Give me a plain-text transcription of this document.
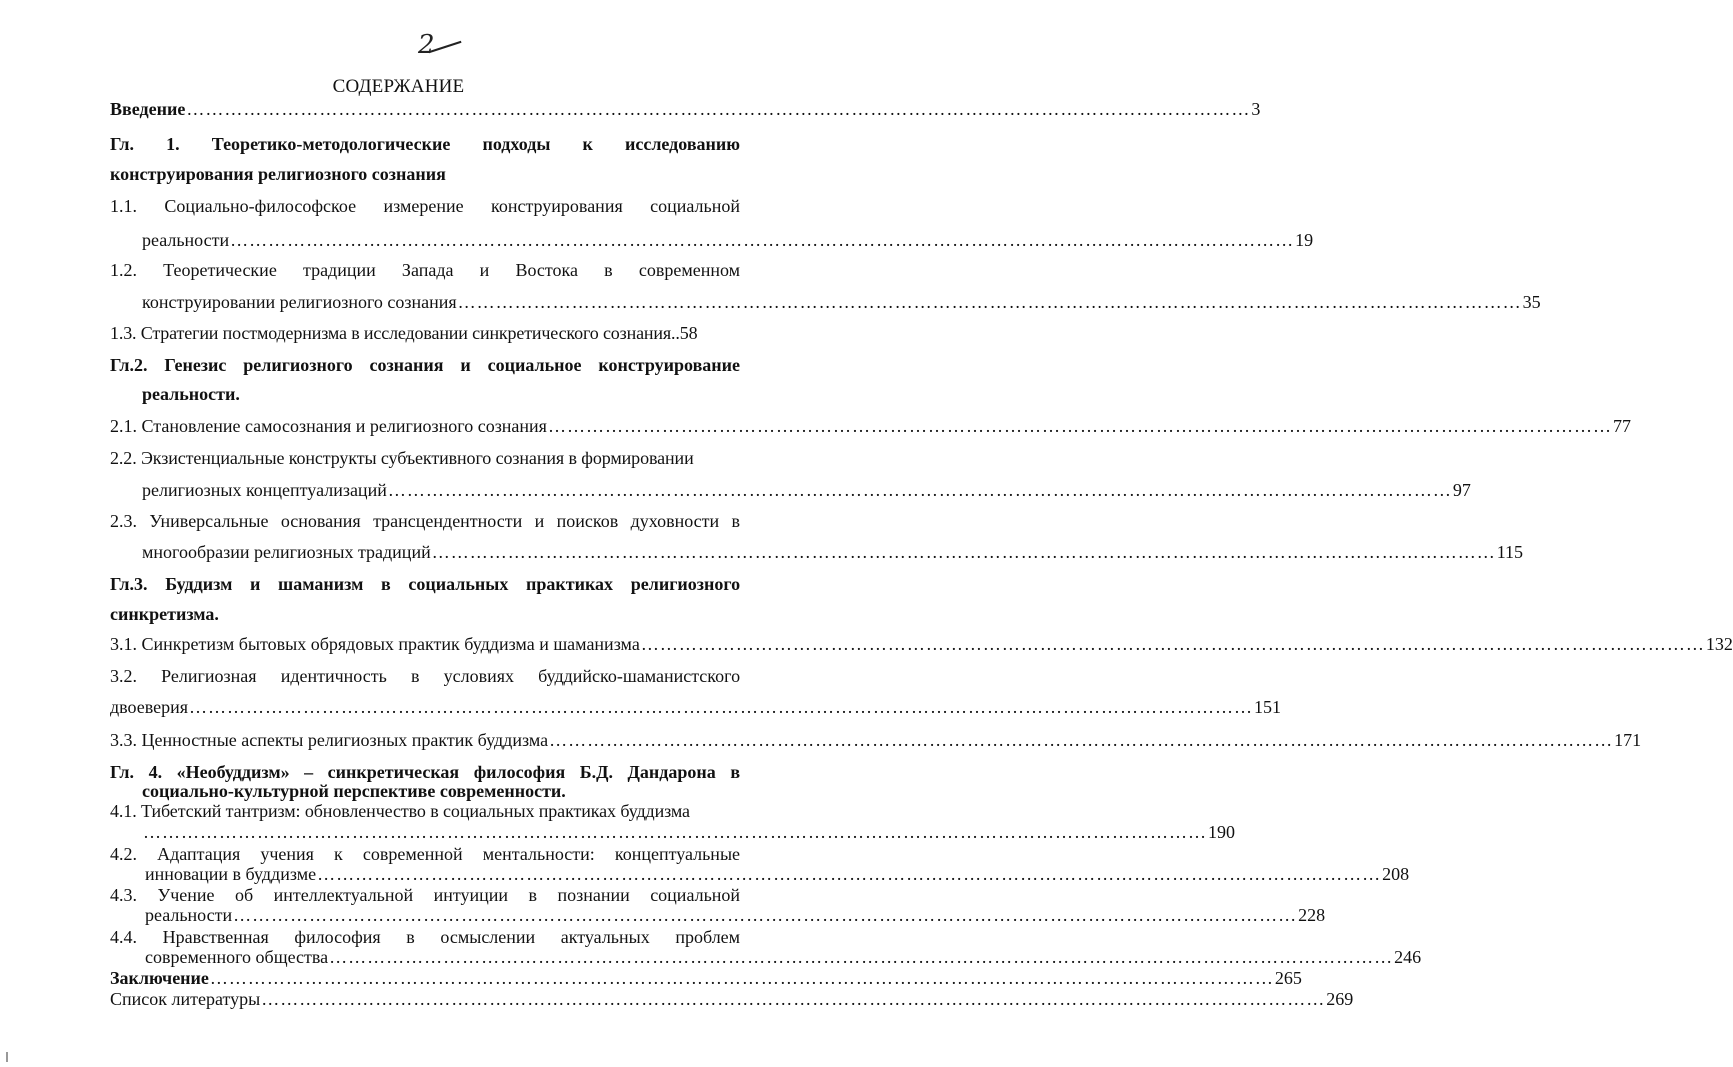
2
СОДЕРЖАНИЕ
Введение …………………………………………………………………………………………………………………………………………………… 3
Гл. 1. Теоретико-методологические подходы к исследованию
конструирования религиозного сознания
1.1. Социально-философское измерение конструирования социальной
реальности …………………………………………………………………………………………………………………………………………………… 19
1.2. Теоретические традиции Запада и Востока в современном
конструировании религиозного сознания …………………………………………………………………………………………………………………………………………………… 35
1.3. Стратегии постмодернизма в исследовании синкретического сознания..58
Гл.2. Генезис религиозного сознания и социальное конструирование
реальности.
2.1. Становление самосознания и религиозного сознания …………………………………………………………………………………………………………………………………………………… 77
2.2. Экзистенциальные конструкты субъективного сознания в формировании
религиозных концептуализаций …………………………………………………………………………………………………………………………………………………… 97
2.3. Универсальные основания трансцендентности и поисков духовности в
многообразии религиозных традиций …………………………………………………………………………………………………………………………………………………… 115
Гл.3. Буддизм и шаманизм в социальных практиках религиозного
синкретизма.
3.1. Синкретизм бытовых обрядовых практик буддизма и шаманизма …………………………………………………………………………………………………………………………………………………… 132
3.2. Религиозная идентичность в условиях буддийско-шаманистского
двоеверия …………………………………………………………………………………………………………………………………………………… 151
3.3. Ценностные аспекты религиозных практик буддизма …………………………………………………………………………………………………………………………………………………… 171
Гл. 4. «Необуддизм» – синкретическая философия Б.Д. Дандарона в
социально-культурной перспективе современности.
4.1. Тибетский тантризм: обновленчество в социальных практиках буддизма
…………………………………………………………………………………………………………………………………………………… 190
4.2. Адаптация учения к современной ментальности: концептуальные
инновации в буддизме …………………………………………………………………………………………………………………………………………………… 208
4.3. Учение об интеллектуальной интуиции в познании социальной
реальности …………………………………………………………………………………………………………………………………………………… 228
4.4. Нравственная философия в осмыслении актуальных проблем
современного общества …………………………………………………………………………………………………………………………………………………… 246
Заключение …………………………………………………………………………………………………………………………………………………… 265
Список литературы …………………………………………………………………………………………………………………………………………………… 269
